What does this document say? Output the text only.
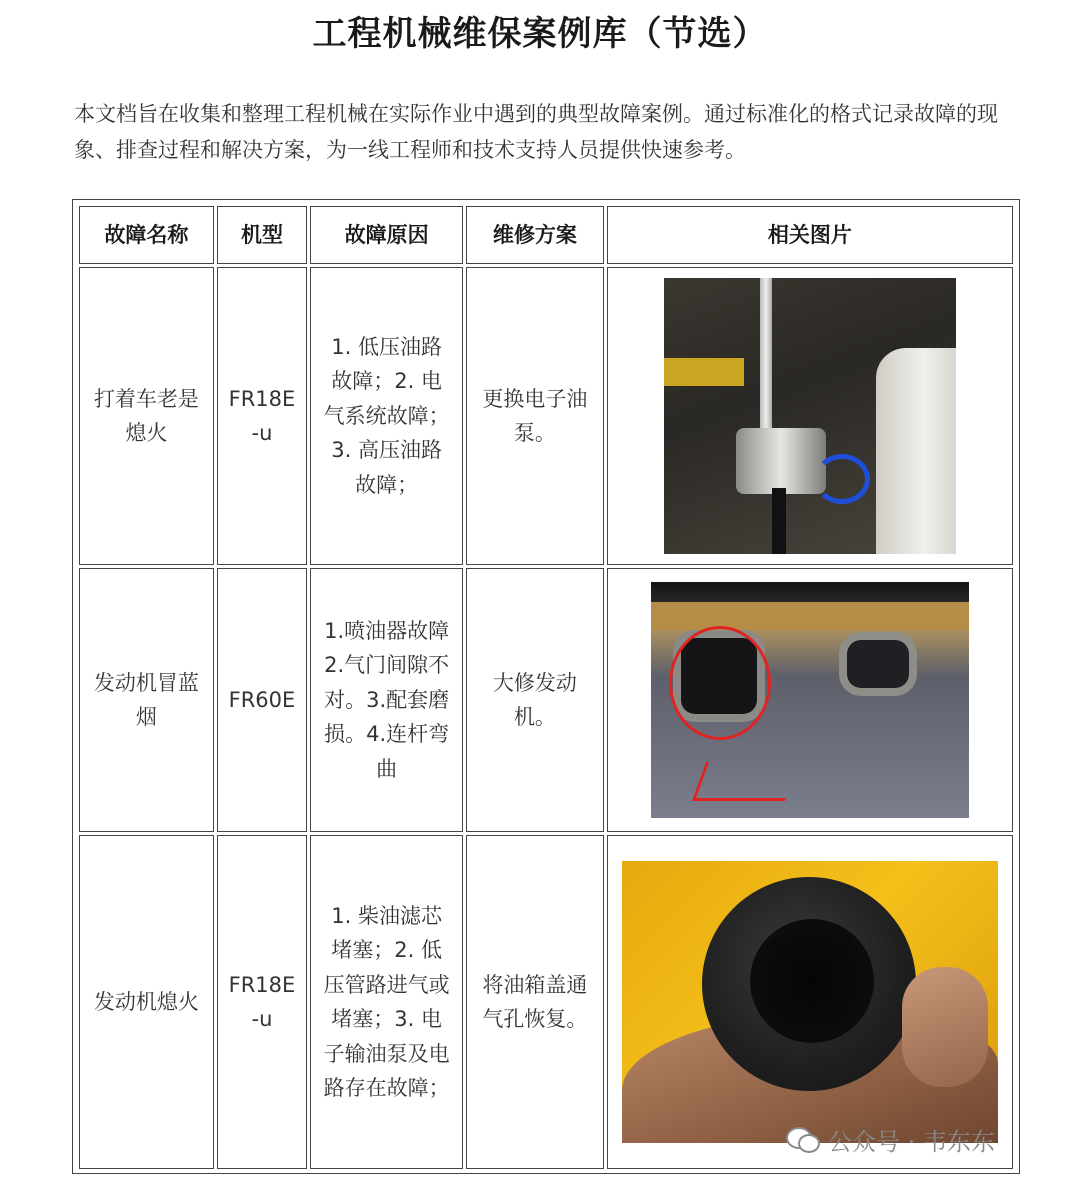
工程机械维保案例库（节选）
本文档旨在收集和整理工程机械在实际作业中遇到的典型故障案例。通过标准化的格式记录故障的现象、排查过程和解决方案，为一线工程师和技术支持人员提供快速参考。
故障名称	机型	故障原因	维修方案	相关图片
打着车老是熄火	FR18E-u	1. 低压油路故障；2. 电气系统故障；3. 高压油路故障；	更换电子油泵。	

发动机冒蓝烟	FR60E	1.喷油器故障2.气门间隙不对。3.配套磨损。4.连杆弯曲	大修发动机。	

发动机熄火	FR18E-u	1. 柴油滤芯堵塞；2. 低压管路进气或堵塞；3. 电子输油泵及电路存在故障；	将油箱盖通气孔恢复。	
公众号 · 韦东东
